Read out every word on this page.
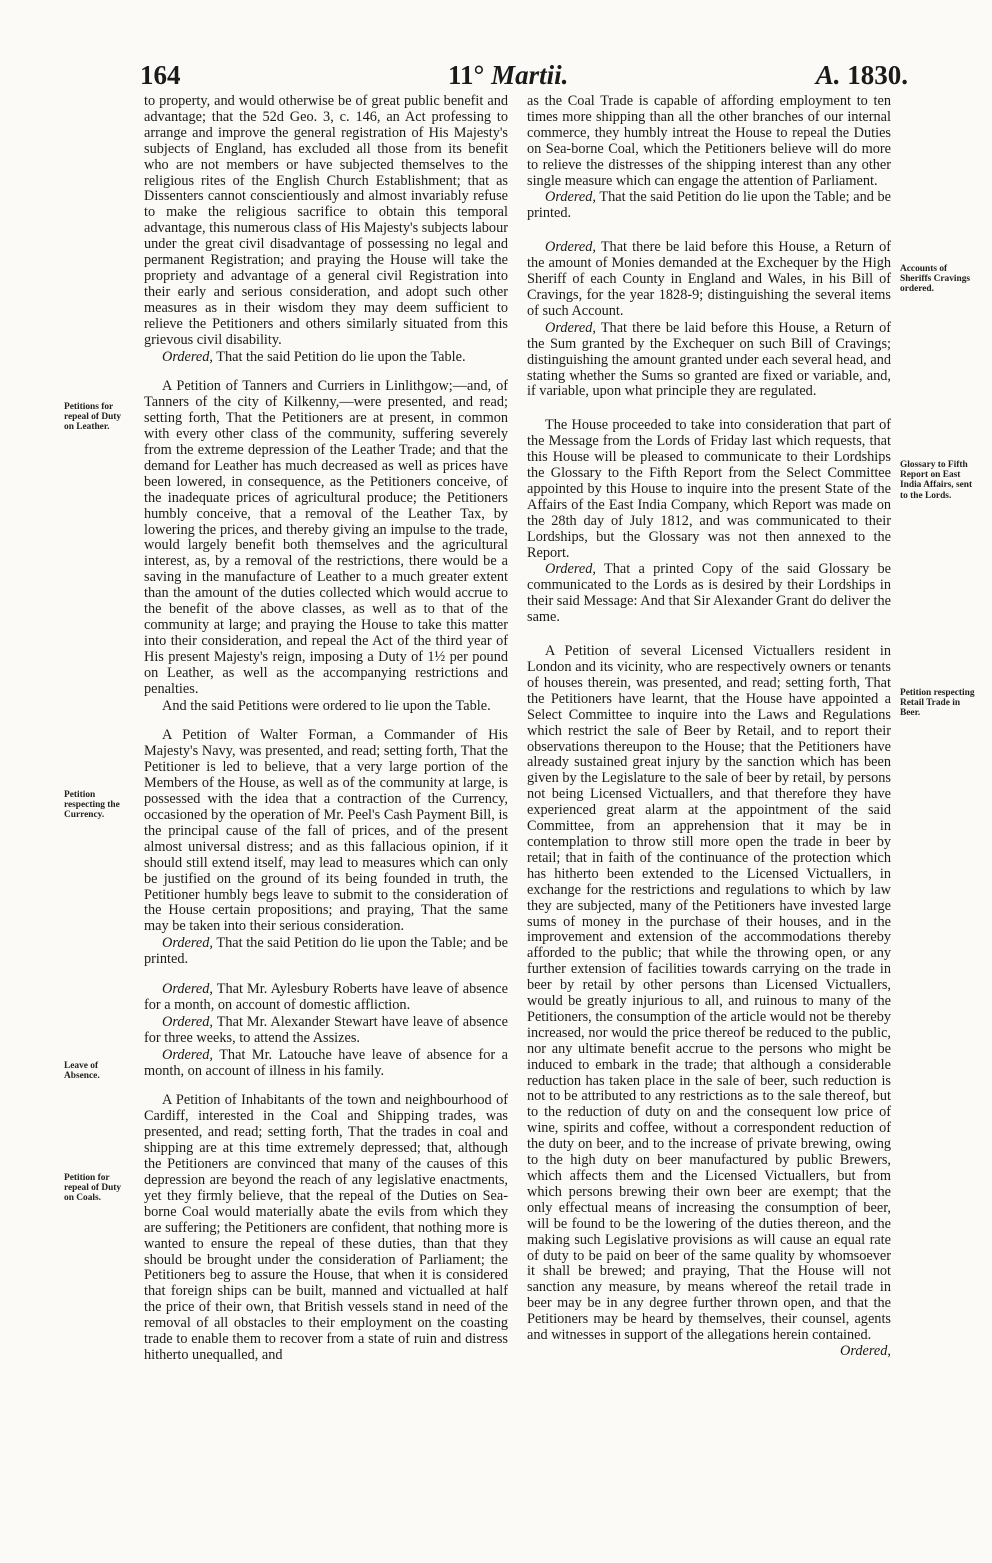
164	11° Martii.	A. 1830.
Petitions for repeal of Duty on Leather.
Petition respecting the Currency.
Leave of Absence.
Petition for repeal of Duty on Coals.
Accounts of Sheriffs Cravings ordered.
Glossary to Fifth Report on East India Affairs, sent to the Lords.
Petition respecting Retail Trade in Beer.

to property, and would otherwise be of great public benefit and advantage; that the 52d Geo. 3, c. 146, an Act professing to arrange and improve the general registration of His Majesty's subjects of England, has excluded all those from its benefit who are not members or have subjected themselves to the religious rites of the English Church Establishment; that as Dissenters cannot conscientiously and almost invariably refuse to make the religious sacrifice to obtain this temporal advantage, this numerous class of His Majesty's subjects labour under the great civil disadvantage of possessing no legal and permanent Registration; and praying the House will take the propriety and advantage of a general civil Registration into their early and serious consideration, and adopt such other measures as in their wisdom they may deem sufficient to relieve the Petitioners and others similarly situated from this grievous civil disability.

Ordered, That the said Petition do lie upon the Table.

A Petition of Tanners and Curriers in Linlithgow;—and, of Tanners of the city of Kilkenny,—were presented, and read; setting forth, That the Petitioners are at present, in common with every other class of the community, suffering severely from the extreme depression of the Leather Trade; and that the demand for Leather has much decreased as well as prices have been lowered, in consequence, as the Petitioners conceive, of the inadequate prices of agricultural produce; the Petitioners humbly conceive, that a removal of the Leather Tax, by lowering the prices, and thereby giving an impulse to the trade, would largely benefit both themselves and the agricultural interest, as, by a removal of the restrictions, there would be a saving in the manufacture of Leather to a much greater extent than the amount of the duties collected which would accrue to the benefit of the above classes, as well as to that of the community at large; and praying the House to take this matter into their consideration, and repeal the Act of the third year of His present Majesty's reign, imposing a Duty of 1½ per pound on Leather, as well as the accompanying restrictions and penalties.

And the said Petitions were ordered to lie upon the Table.

A Petition of Walter Forman, a Commander of His Majesty's Navy, was presented, and read; setting forth, That the Petitioner is led to believe, that a very large portion of the Members of the House, as well as of the community at large, is possessed with the idea that a contraction of the Currency, occasioned by the operation of Mr. Peel's Cash Payment Bill, is the principal cause of the fall of prices, and of the present almost universal distress; and as this fallacious opinion, if it should still extend itself, may lead to measures which can only be justified on the ground of its being founded in truth, the Petitioner humbly begs leave to submit to the consideration of the House certain propositions; and praying, That the same may be taken into their serious consideration.

Ordered, That the said Petition do lie upon the Table; and be printed.

Ordered, That Mr. Aylesbury Roberts have leave of absence for a month, on account of domestic affliction.

Ordered, That Mr. Alexander Stewart have leave of absence for three weeks, to attend the Assizes.

Ordered, That Mr. Latouche have leave of absence for a month, on account of illness in his family.

A Petition of Inhabitants of the town and neighbourhood of Cardiff, interested in the Coal and Shipping trades, was presented, and read; setting forth, That the trades in coal and shipping are at this time extremely depressed; that, although the Petitioners are convinced that many of the causes of this depression are beyond the reach of any legislative enactments, yet they firmly believe, that the repeal of the Duties on Sea-borne Coal would materially abate the evils from which they are suffering; the Petitioners are confident, that nothing more is wanted to ensure the repeal of these duties, than that they should be brought under the consideration of Parliament; the Petitioners beg to assure the House, that when it is considered that foreign ships can be built, manned and victualled at half the price of their own, that British vessels stand in need of the removal of all obstacles to their employment on the coasting trade to enable them to recover from a state of ruin and distress hitherto unequalled, and

as the Coal Trade is capable of affording employment to ten times more shipping than all the other branches of our internal commerce, they humbly intreat the House to repeal the Duties on Sea-borne Coal, which the Petitioners believe will do more to relieve the distresses of the shipping interest than any other single measure which can engage the attention of Parliament.

Ordered, That the said Petition do lie upon the Table; and be printed.

Ordered, That there be laid before this House, a Return of the amount of Monies demanded at the Exchequer by the High Sheriff of each County in England and Wales, in his Bill of Cravings, for the year 1828-9; distinguishing the several items of such Account.

Ordered, That there be laid before this House, a Return of the Sum granted by the Exchequer on such Bill of Cravings; distinguishing the amount granted under each several head, and stating whether the Sums so granted are fixed or variable, and, if variable, upon what principle they are regulated.

The House proceeded to take into consideration that part of the Message from the Lords of Friday last which requests, that this House will be pleased to communicate to their Lordships the Glossary to the Fifth Report from the Select Committee appointed by this House to inquire into the present State of the Affairs of the East India Company, which Report was made on the 28th day of July 1812, and was communicated to their Lordships, but the Glossary was not then annexed to the Report.

Ordered, That a printed Copy of the said Glossary be communicated to the Lords as is desired by their Lordships in their said Message: And that Sir Alexander Grant do deliver the same.

A Petition of several Licensed Victuallers resident in London and its vicinity, who are respectively owners or tenants of houses therein, was presented, and read; setting forth, That the Petitioners have learnt, that the House have appointed a Select Committee to inquire into the Laws and Regulations which restrict the sale of Beer by Retail, and to report their observations thereupon to the House; that the Petitioners have already sustained great injury by the sanction which has been given by the Legislature to the sale of beer by retail, by persons not being Licensed Victuallers, and that therefore they have experienced great alarm at the appointment of the said Committee, from an apprehension that it may be in contemplation to throw still more open the trade in beer by retail; that in faith of the continuance of the protection which has hitherto been extended to the Licensed Victuallers, in exchange for the restrictions and regulations to which by law they are subjected, many of the Petitioners have invested large sums of money in the purchase of their houses, and in the improvement and extension of the accommodations thereby afforded to the public; that while the throwing open, or any further extension of facilities towards carrying on the trade in beer by retail by other persons than Licensed Victuallers, would be greatly injurious to all, and ruinous to many of the Petitioners, the consumption of the article would not be thereby increased, nor would the price thereof be reduced to the public, nor any ultimate benefit accrue to the persons who might be induced to embark in the trade; that although a considerable reduction has taken place in the sale of beer, such reduction is not to be attributed to any restrictions as to the sale thereof, but to the reduction of duty on and the consequent low price of wine, spirits and coffee, without a correspondent reduction of the duty on beer, and to the increase of private brewing, owing to the high duty on beer manufactured by public Brewers, which affects them and the Licensed Victuallers, but from which persons brewing their own beer are exempt; that the only effectual means of increasing the consumption of beer, will be found to be the lowering of the duties thereon, and the making such Legislative provisions as will cause an equal rate of duty to be paid on beer of the same quality by whomsoever it shall be brewed; and praying, That the House will not sanction any measure, by means whereof the retail trade in beer may be in any degree further thrown open, and that the Petitioners may be heard by themselves, their counsel, agents and witnesses in support of the allegations herein contained.

Ordered,
